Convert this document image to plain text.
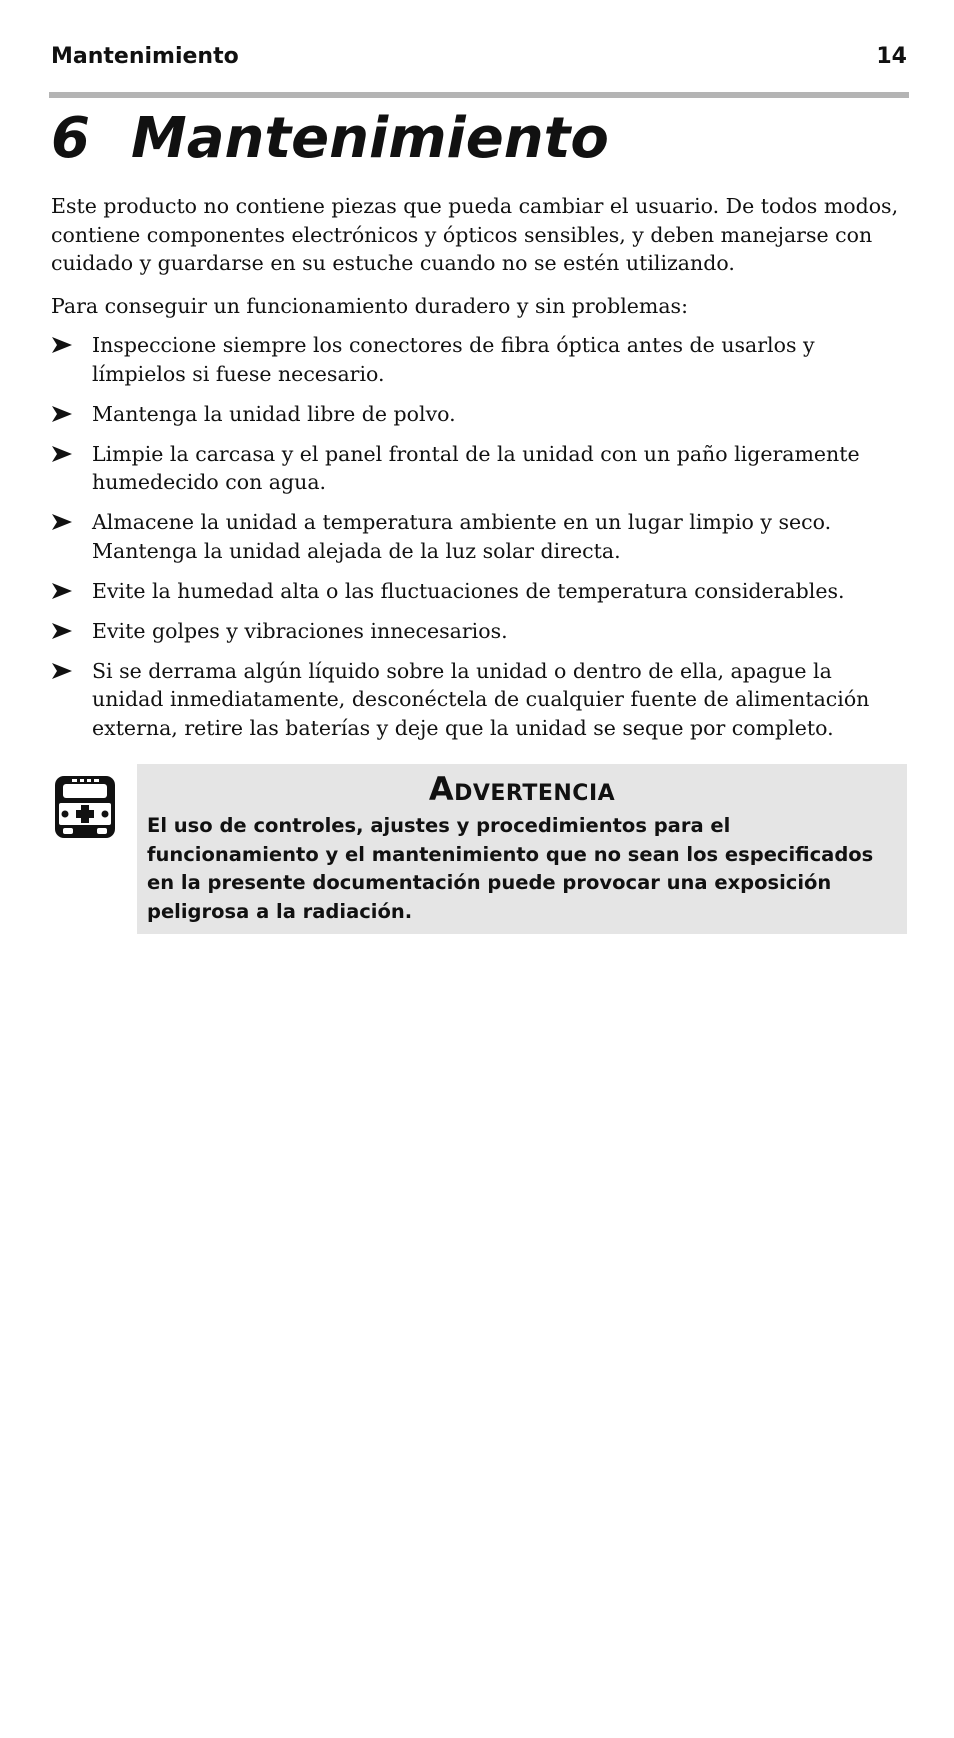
Mantenimiento	14
6 Mantenimiento

Este producto no contiene piezas que pueda cambiar el usuario. De todos modos, contiene componentes electrónicos y ópticos sensibles, y deben manejarse con cuidado y guardarse en su estuche cuando no se estén utilizando.

Para conseguir un funcionamiento duradero y sin problemas:

Inspeccione siempre los conectores de fibra óptica antes de usarlos y límpielos si fuese necesario.
Mantenga la unidad libre de polvo.
Limpie la carcasa y el panel frontal de la unidad con un paño ligeramente humedecido con agua.
Almacene la unidad a temperatura ambiente en un lugar limpio y seco. Mantenga la unidad alejada de la luz solar directa.
Evite la humedad alta o las fluctuaciones de temperatura considerables.
Evite golpes y vibraciones innecesarios.
Si se derrama algún líquido sobre la unidad o dentro de ella, apague la unidad inmediatamente, desconéctela de cualquier fuente de alimentación externa, retire las baterías y deje que la unidad se seque por completo.
Advertencia

El uso de controles, ajustes y procedimientos para el funcionamiento y el mantenimiento que no sean los especificados en la presente documentación puede provocar una exposición peligrosa a la radiación.
